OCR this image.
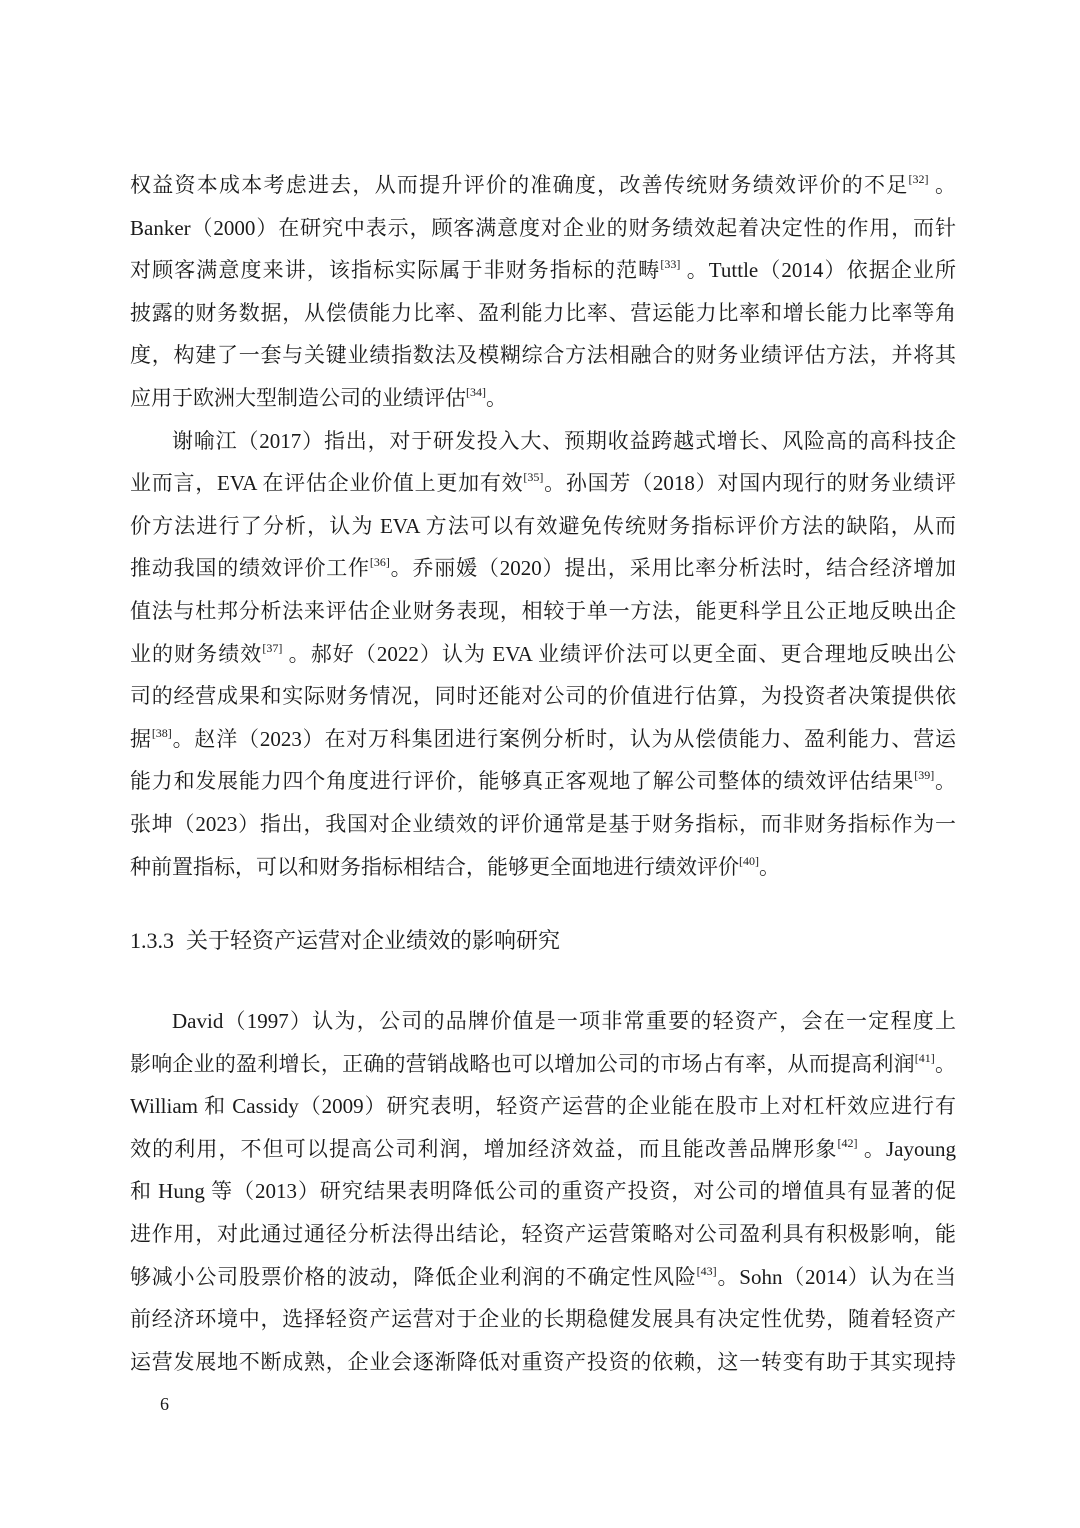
权益资本成本考虑进去，从而提升评价的准确度，改善传统财务绩效评价的不足[32] 。
Banker（2000）在研究中表示，顾客满意度对企业的财务绩效起着决定性的作用，而针
对顾客满意度来讲，该指标实际属于非财务指标的范畴[33] 。Tuttle（2014）依据企业所
披露的财务数据，从偿债能力比率、盈利能力比率、营运能力比率和增长能力比率等角
度，构建了一套与关键业绩指数法及模糊综合方法相融合的财务业绩评估方法，并将其
应用于欧洲大型制造公司的业绩评估[34]。
谢喻江（2017）指出，对于研发投入大、预期收益跨越式增长、风险高的高科技企
业而言，EVA 在评估企业价值上更加有效[35]。孙国芳（2018）对国内现行的财务业绩评
价方法进行了分析，认为 EVA 方法可以有效避免传统财务指标评价方法的缺陷，从而
推动我国的绩效评价工作[36]。乔丽媛（2020）提出，采用比率分析法时，结合经济增加
值法与杜邦分析法来评估企业财务表现，相较于单一方法，能更科学且公正地反映出企
业的财务绩效[37] 。郝好（2022）认为 EVA 业绩评价法可以更全面、更合理地反映出公
司的经营成果和实际财务情况，同时还能对公司的价值进行估算，为投资者决策提供依
据[38]。赵洋（2023）在对万科集团进行案例分析时，认为从偿债能力、盈利能力、营运
能力和发展能力四个角度进行评价，能够真正客观地了解公司整体的绩效评估结果[39]。
张坤（2023）指出，我国对企业绩效的评价通常是基于财务指标，而非财务指标作为一
种前置指标，可以和财务指标相结合，能够更全面地进行绩效评价[40]。
1.3.3 关于轻资产运营对企业绩效的影响研究
David（1997）认为，公司的品牌价值是一项非常重要的轻资产，会在一定程度上
影响企业的盈利增长，正确的营销战略也可以增加公司的市场占有率，从而提高利润[41]。
William 和 Cassidy（2009）研究表明，轻资产运营的企业能在股市上对杠杆效应进行有
效的利用，不但可以提高公司利润，增加经济效益，而且能改善品牌形象[42] 。Jayoung
和 Hung 等（2013）研究结果表明降低公司的重资产投资，对公司的增值具有显著的促
进作用，对此通过通径分析法得出结论，轻资产运营策略对公司盈利具有积极影响，能
够减小公司股票价格的波动，降低企业利润的不确定性风险[43]。Sohn（2014）认为在当
前经济环境中，选择轻资产运营对于企业的长期稳健发展具有决定性优势，随着轻资产
运营发展地不断成熟，企业会逐渐降低对重资产投资的依赖，这一转变有助于其实现持
6
